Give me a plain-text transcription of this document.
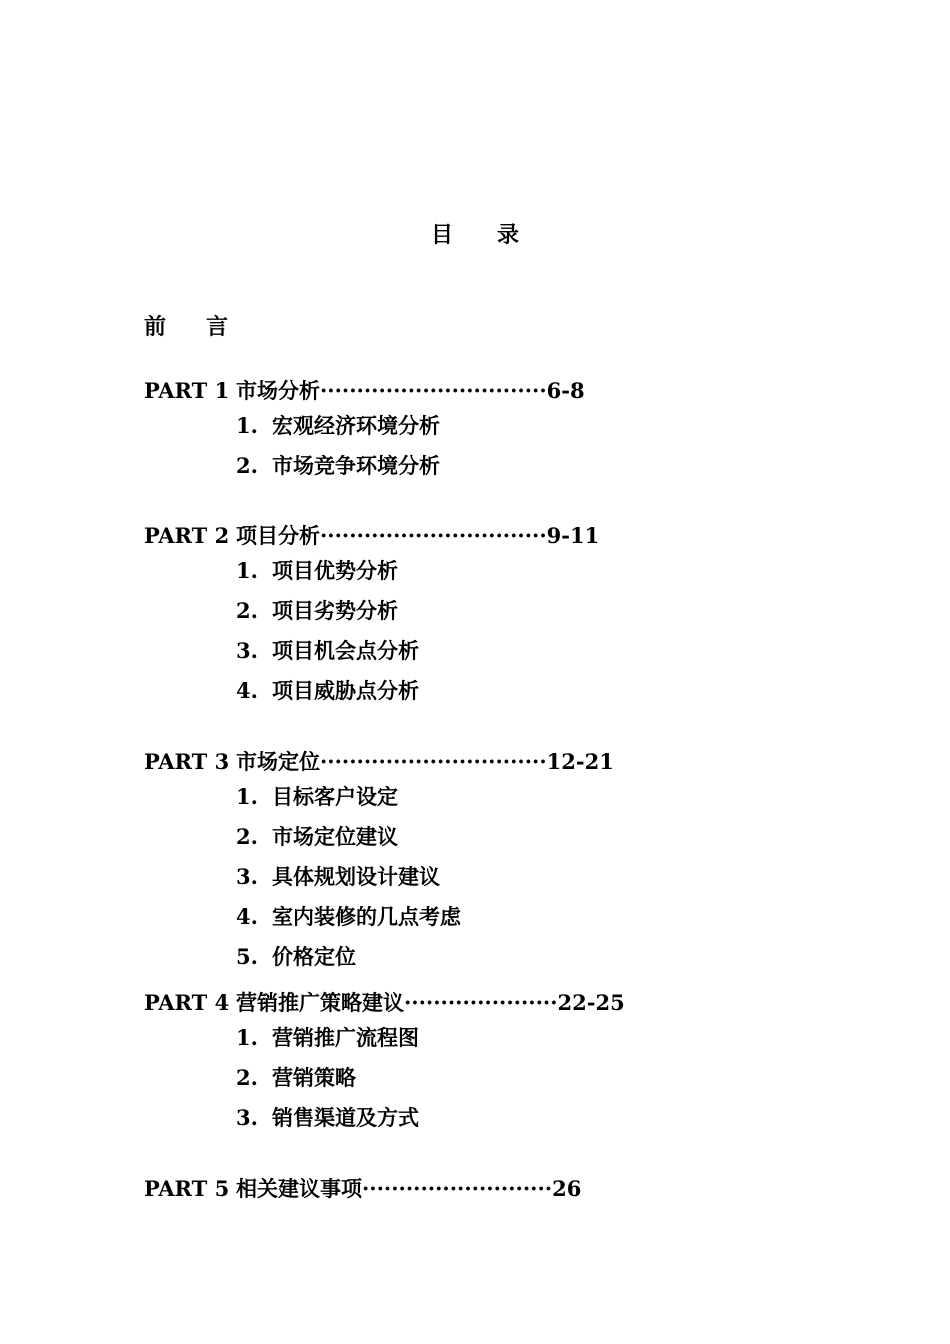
目 录
前 言
PART 1 市场分析·······························6-8
1. 宏观经济环境分析
2. 市场竞争环境分析
PART 2 项目分析·······························9-11
1. 项目优势分析
2. 项目劣势分析
3. 项目机会点分析
4. 项目威胁点分析
PART 3 市场定位·······························12-21
1. 目标客户设定
2. 市场定位建议
3. 具体规划设计建议
4. 室内装修的几点考虑
5. 价格定位
PART 4 营销推广策略建议·····················22-25
1. 营销推广流程图
2. 营销策略
3. 销售渠道及方式
PART 5 相关建议事项··························26
